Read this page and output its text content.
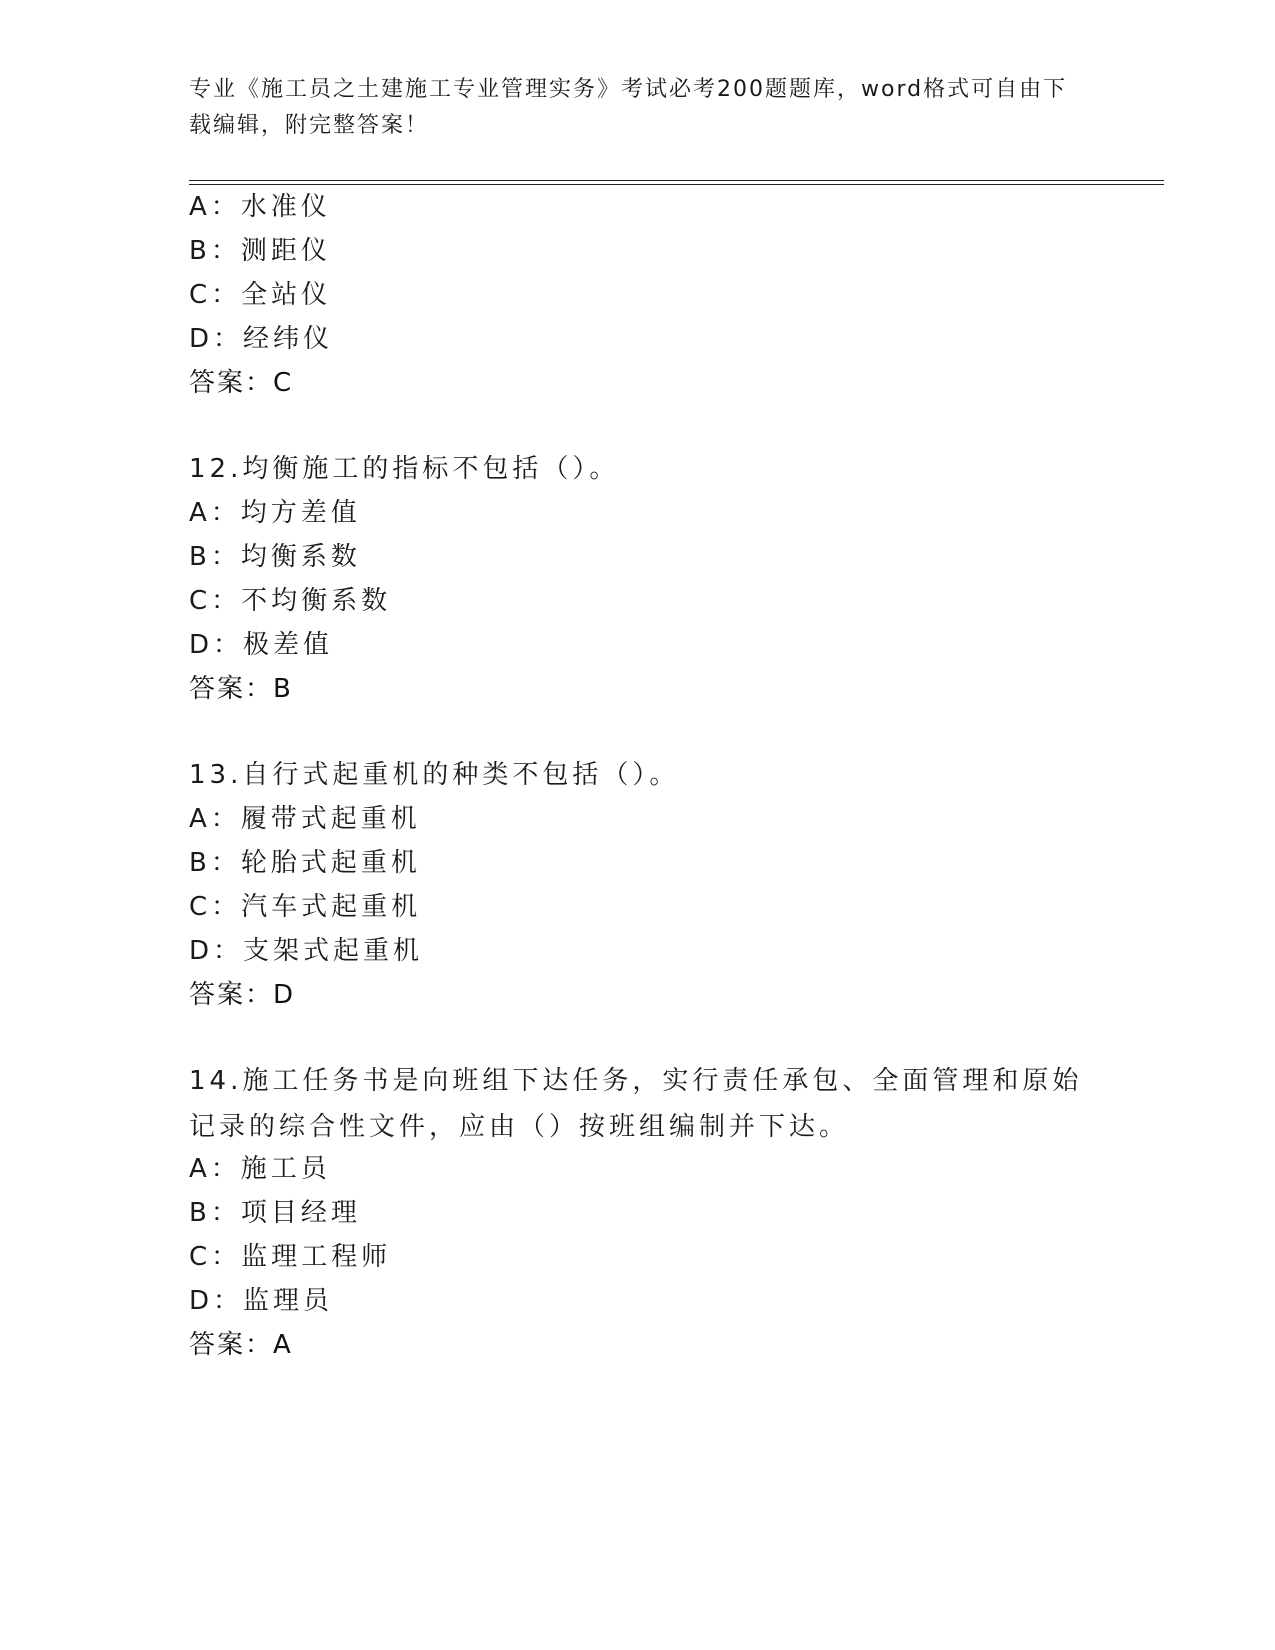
专业《施工员之土建施工专业管理实务》考试必考200题题库，word格式可自由下载编辑，附完整答案！
A：水准仪
B：测距仪
C：全站仪
D：经纬仪
答案：C
12.均衡施工的指标不包括（）。
A：均方差值
B：均衡系数
C：不均衡系数
D：极差值
答案：B
13.自行式起重机的种类不包括（）。
A：履带式起重机
B：轮胎式起重机
C：汽车式起重机
D：支架式起重机
答案：D
14.施工任务书是向班组下达任务，实行责任承包、全面管理和原始记录的综合性文件，应由（）按班组编制并下达。
A：施工员
B：项目经理
C：监理工程师
D：监理员
答案：A
